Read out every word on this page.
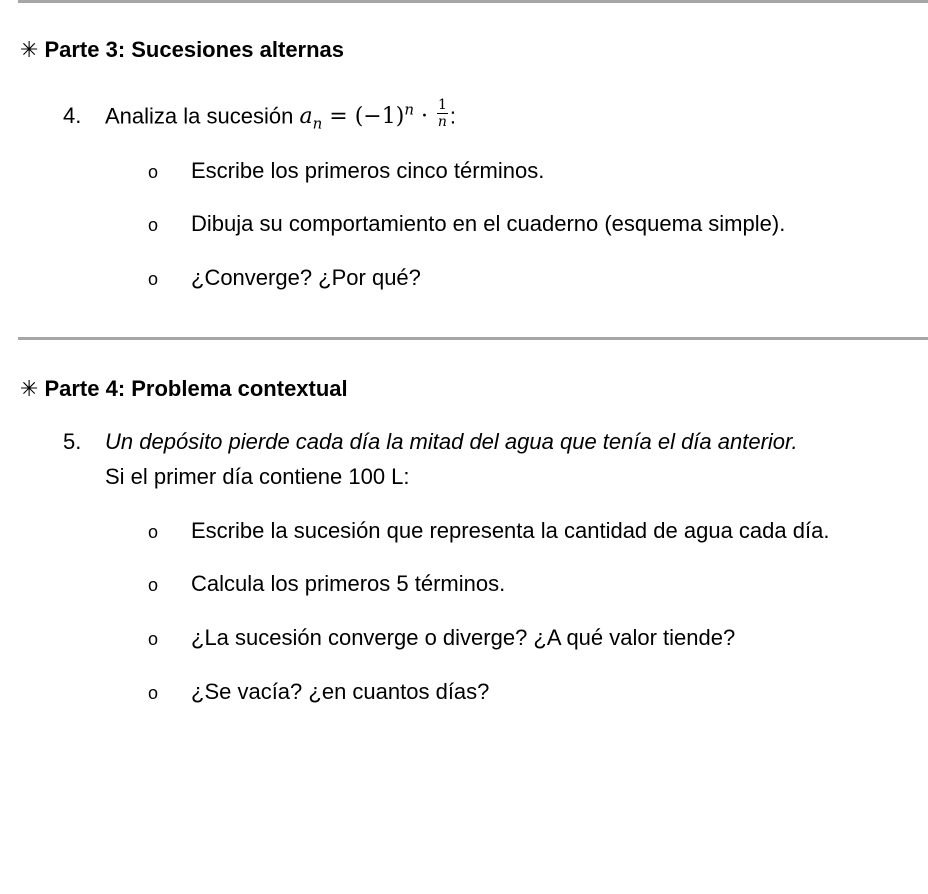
✳ Parte 3: Sucesiones alternas
4. Analiza la sucesión $a_n = (-1)^n \cdot \frac{1}{n}$ :
o Escribe los primeros cinco términos.
o Dibuja su comportamiento en el cuaderno (esquema simple).
o ¿Converge? ¿Por qué?
✳ Parte 4: Problema contextual
5. Un depósito pierde cada día la mitad del agua que tenía el día anterior.
Si el primer día contiene 100 L:
o Escribe la sucesión que representa la cantidad de agua cada día.
o Calcula los primeros 5 términos.
o ¿La sucesión converge o diverge? ¿A qué valor tiende?
o ¿Se vacía? ¿en cuantos días?
